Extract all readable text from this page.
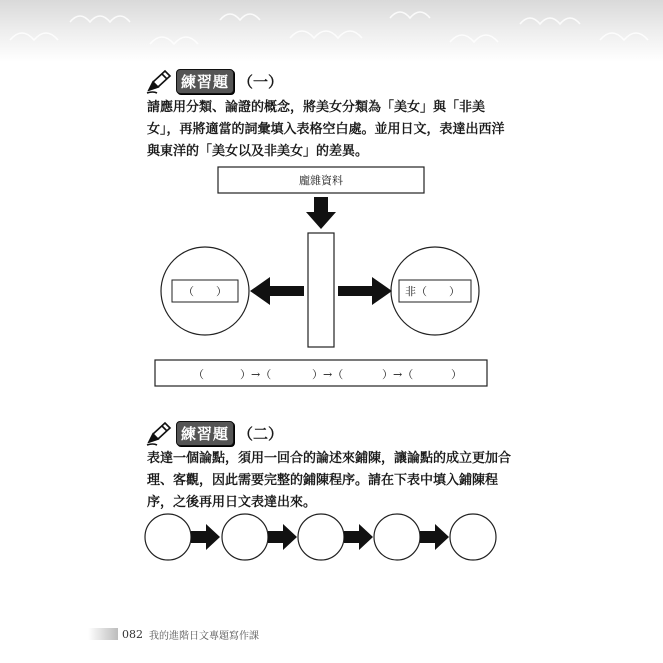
練習題 （一）

請應用分類、論證的概念，將美女分類為「美女」與「非美女」，再將適當的詞彙填入表格空白處。並用日文，表達出西洋與東洋的「美女以及非美女」的差異。

龐雜資料
（　　）	非（　　）
（	）→（	）→（	）→（	）
練習題 （二）

表達一個論點，須用一回合的論述來鋪陳，讓論點的成立更加合理、客觀，因此需要完整的鋪陳程序。請在下表中填入鋪陳程序，之後再用日文表達出來。

082 我的進階日文專題寫作課
